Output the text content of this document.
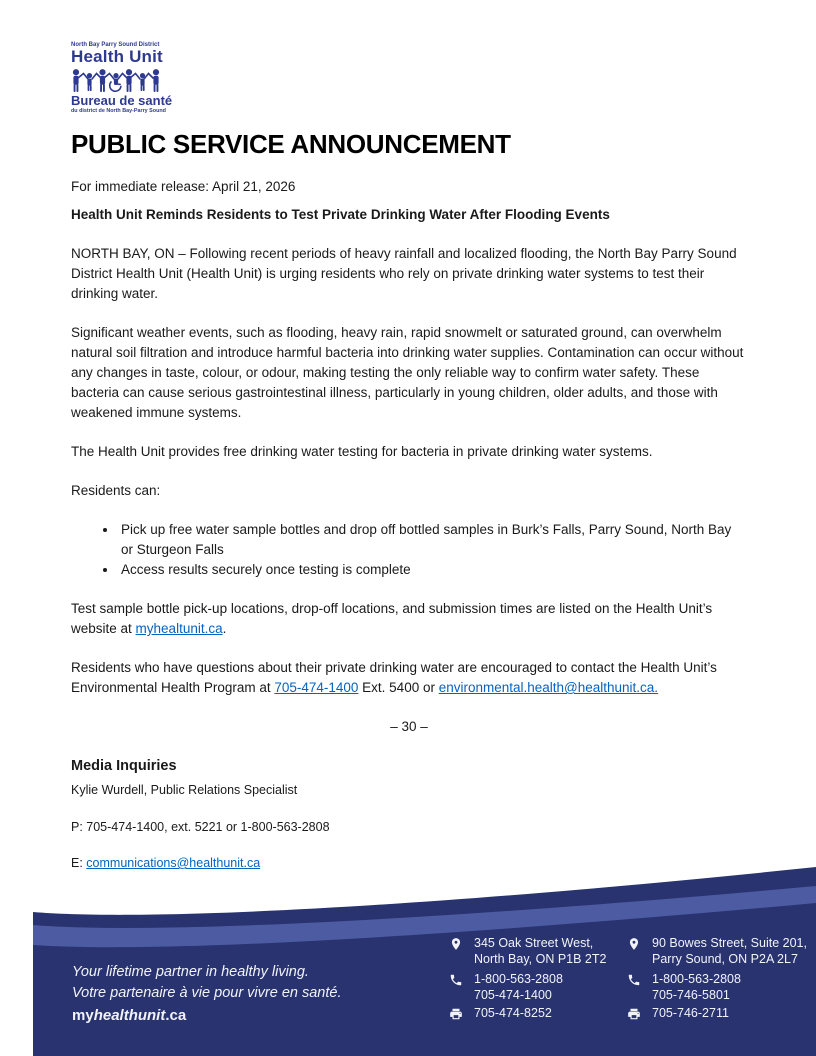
North Bay Parry Sound District
Health Unit
Bureau de santé
du district de North Bay-Parry Sound
PUBLIC SERVICE ANNOUNCEMENT

For immediate release: April 21, 2026

Health Unit Reminds Residents to Test Private Drinking Water After Flooding Events

NORTH BAY, ON – Following recent periods of heavy rainfall and localized flooding, the North Bay Parry Sound District Health Unit (Health Unit) is urging residents who rely on private drinking water systems to test their drinking water.

Significant weather events, such as flooding, heavy rain, rapid snowmelt or saturated ground, can overwhelm natural soil filtration and introduce harmful bacteria into drinking water supplies. Contamination can occur without any changes in taste, colour, or odour, making testing the only reliable way to confirm water safety. These bacteria can cause serious gastrointestinal illness, particularly in young children, older adults, and those with weakened immune systems.

The Health Unit provides free drinking water testing for bacteria in private drinking water systems.

Residents can:

• Pick up free water sample bottles and drop off bottled samples in Burk’s Falls, Parry Sound, North Bay or Sturgeon Falls
• Access results securely once testing is complete

Test sample bottle pick-up locations, drop-off locations, and submission times are listed on the Health Unit’s website at myhealtunit.ca.

Residents who have questions about their private drinking water are encouraged to contact the Health Unit’s Environmental Health Program at 705-474-1400 Ext. 5400 or environmental.health@healthunit.ca.

– 30 –

Media Inquiries

Kylie Wurdell, Public Relations Specialist

P: 705-474-1400, ext. 5221 or 1-800-563-2808

E: communications@healthunit.ca

Your lifetime partner in healthy living.
Votre partenaire à vie pour vivre en santé.
myhealthunit.ca
345 Oak Street West,
North Bay, ON P1B 2T2
1-800-563-2808
705-474-1400
705-474-8252
90 Bowes Street, Suite 201,
Parry Sound, ON P2A 2L7
1-800-563-2808
705-746-5801
705-746-2711
